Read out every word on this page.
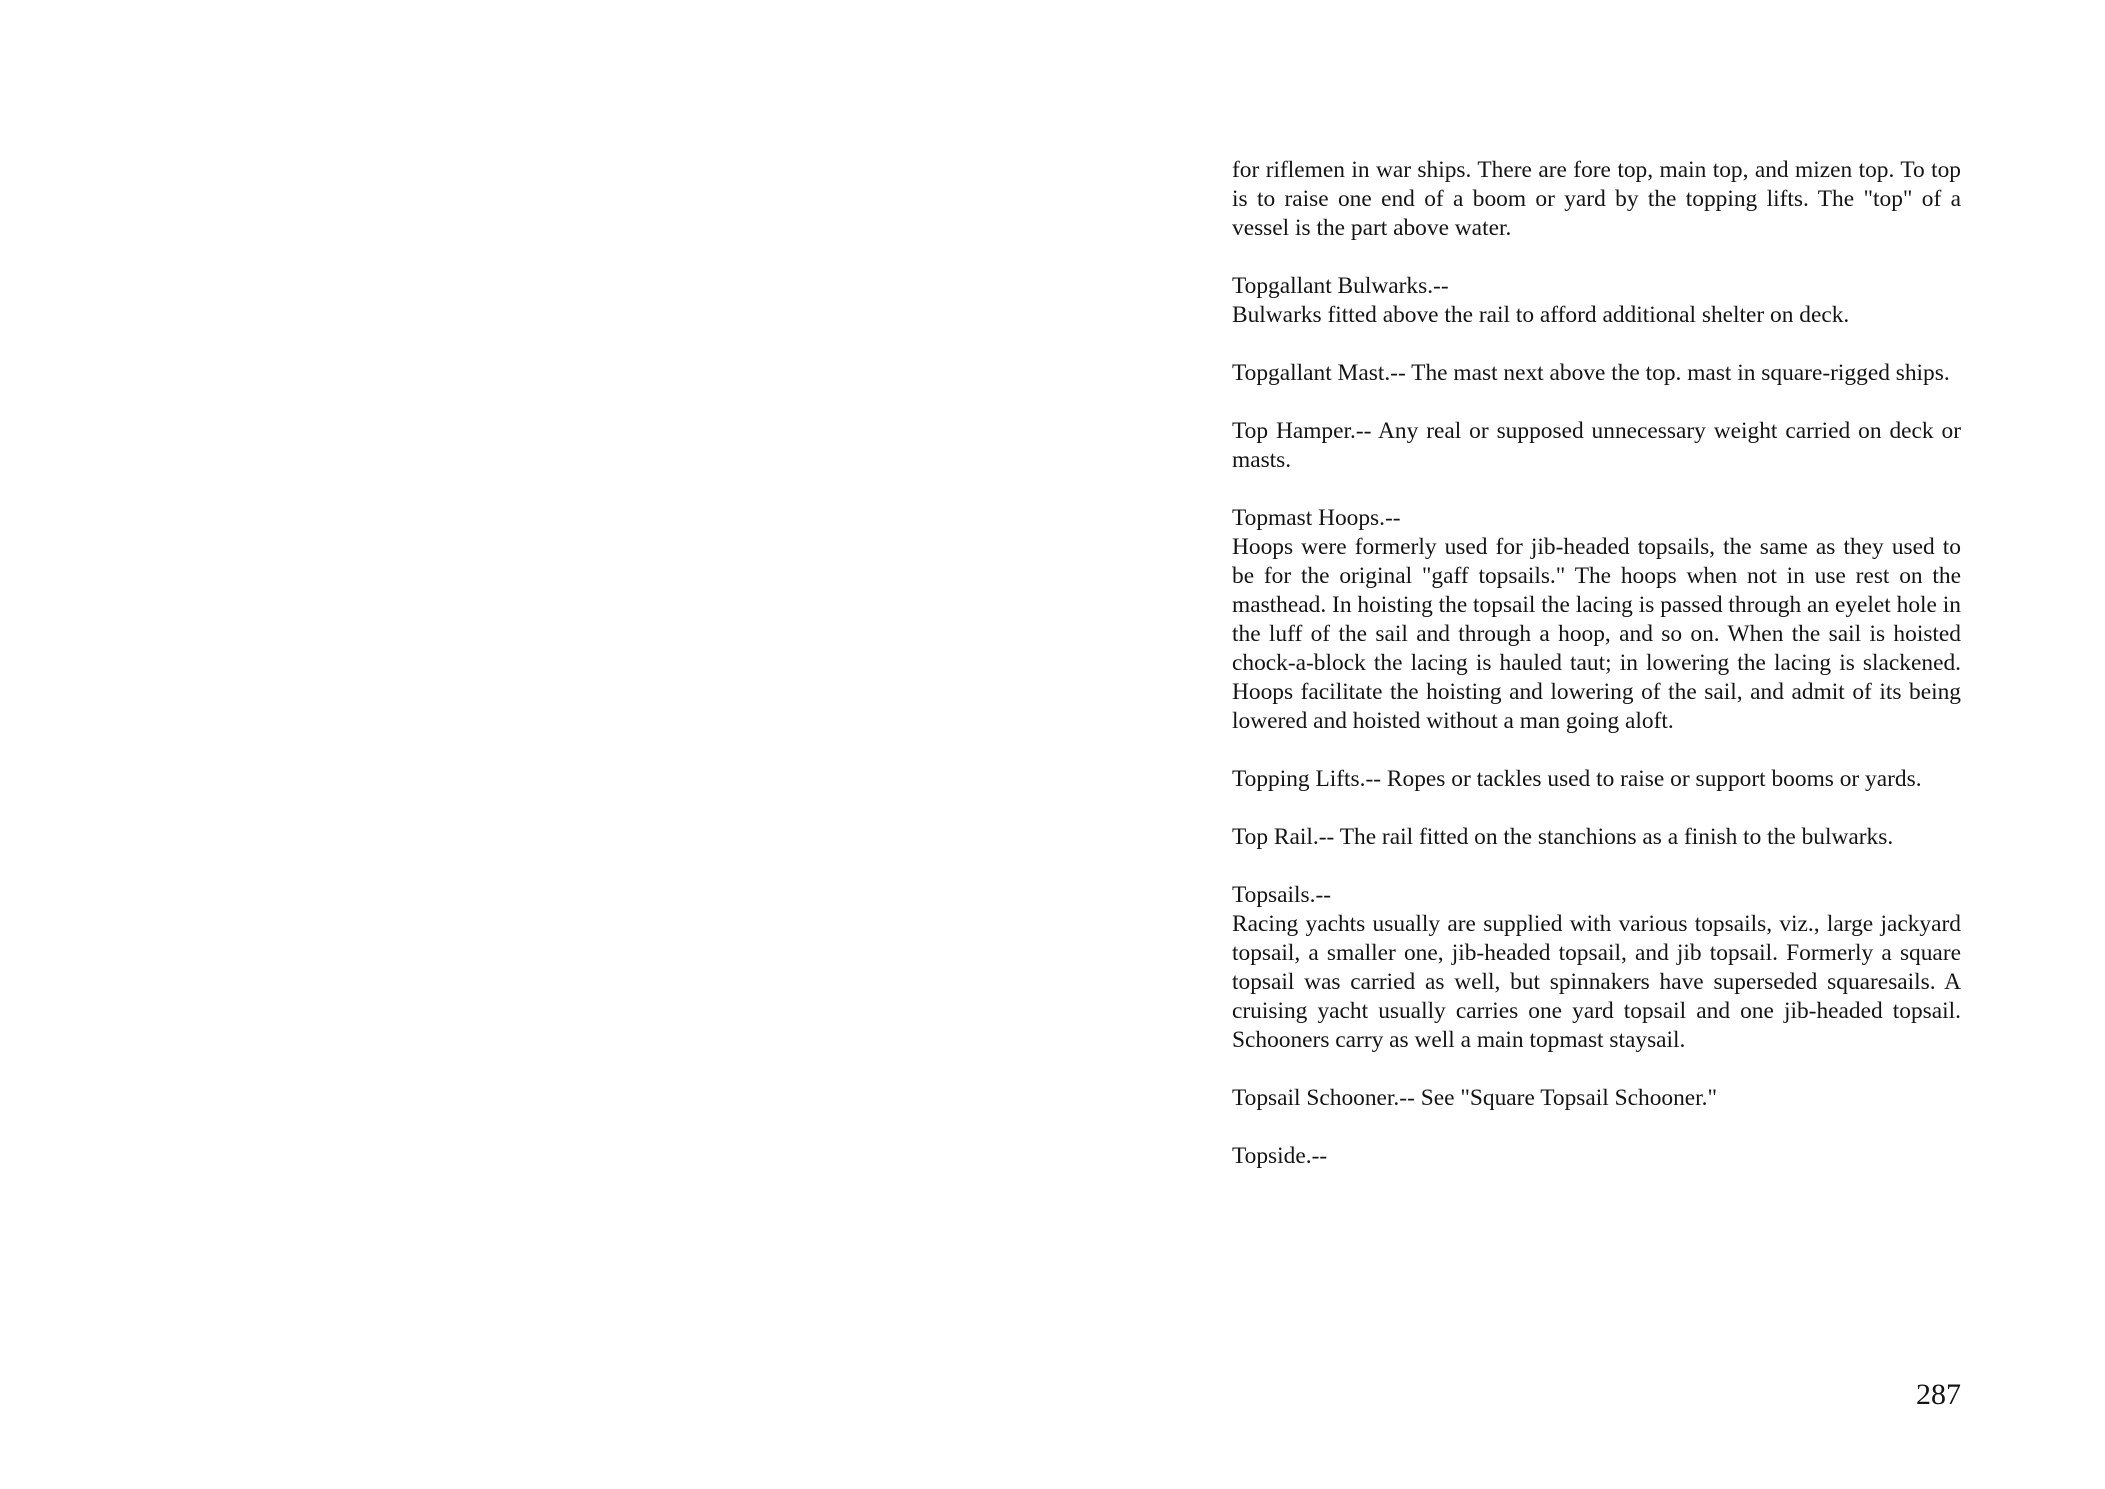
for riflemen in war ships. There are fore top, main top, and mizen top. To top is to raise one end of a boom or yard by the topping lifts. The "top" of a vessel is the part above water.

Topgallant Bulwarks.--
Bulwarks fitted above the rail to afford additional shelter on deck.

Topgallant Mast.-- The mast next above the top. mast in square-rigged ships.

Top Hamper.-- Any real or supposed unnecessary weight carried on deck or masts.

Topmast Hoops.--
Hoops were formerly used for jib-headed topsails, the same as they used to be for the original "gaff topsails." The hoops when not in use rest on the masthead. In hoisting the topsail the lacing is passed through an eyelet hole in the luff of the sail and through a hoop, and so on. When the sail is hoisted chock-a-block the lacing is hauled taut; in lowering the lacing is slackened. Hoops facilitate the hoisting and lowering of the sail, and admit of its being lowered and hoisted without a man going aloft.

Topping Lifts.-- Ropes or tackles used to raise or support booms or yards.

Top Rail.-- The rail fitted on the stanchions as a finish to the bulwarks.

Topsails.--
Racing yachts usually are supplied with various topsails, viz., large jackyard topsail, a smaller one, jib-headed topsail, and jib topsail. Formerly a square topsail was carried as well, but spinnakers have superseded squaresails. A cruising yacht usually carries one yard topsail and one jib-headed topsail. Schooners carry as well a main topmast staysail.

Topsail Schooner.-- See "Square Topsail Schooner."

Topside.--

287
